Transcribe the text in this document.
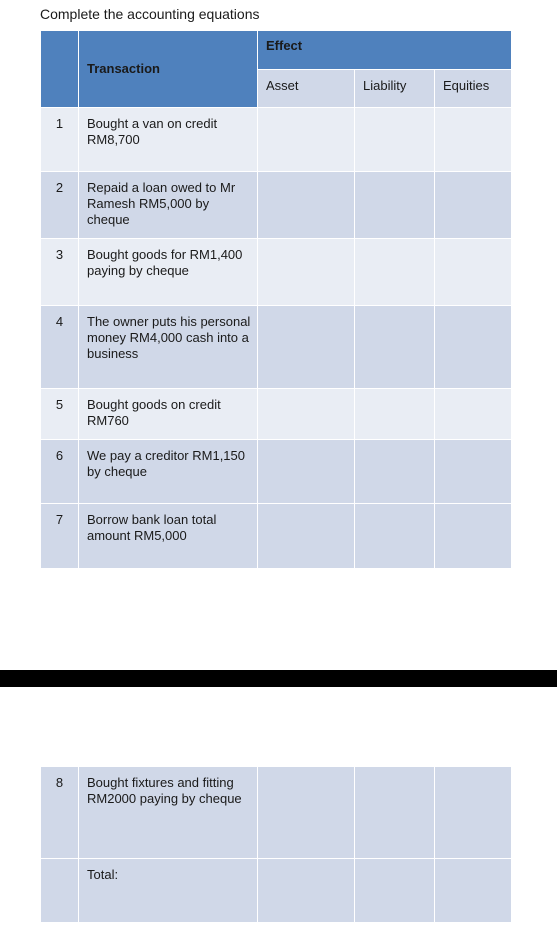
Complete the accounting equations
	Transaction	Effect		
		Asset	Liability	Equities
1	Bought a van on credit RM8,700			
2	Repaid a loan owed to Mr Ramesh RM5,000 by cheque			
3	Bought goods for RM1,400 paying by cheque			
4	The owner puts his personal money RM4,000 cash into a business			
5	Bought goods on credit RM760			
6	We pay a creditor RM1,150 by cheque			
7	Borrow bank loan total amount RM5,000			
8	Bought fixtures and fitting RM2000 paying by cheque			
	Total:			
